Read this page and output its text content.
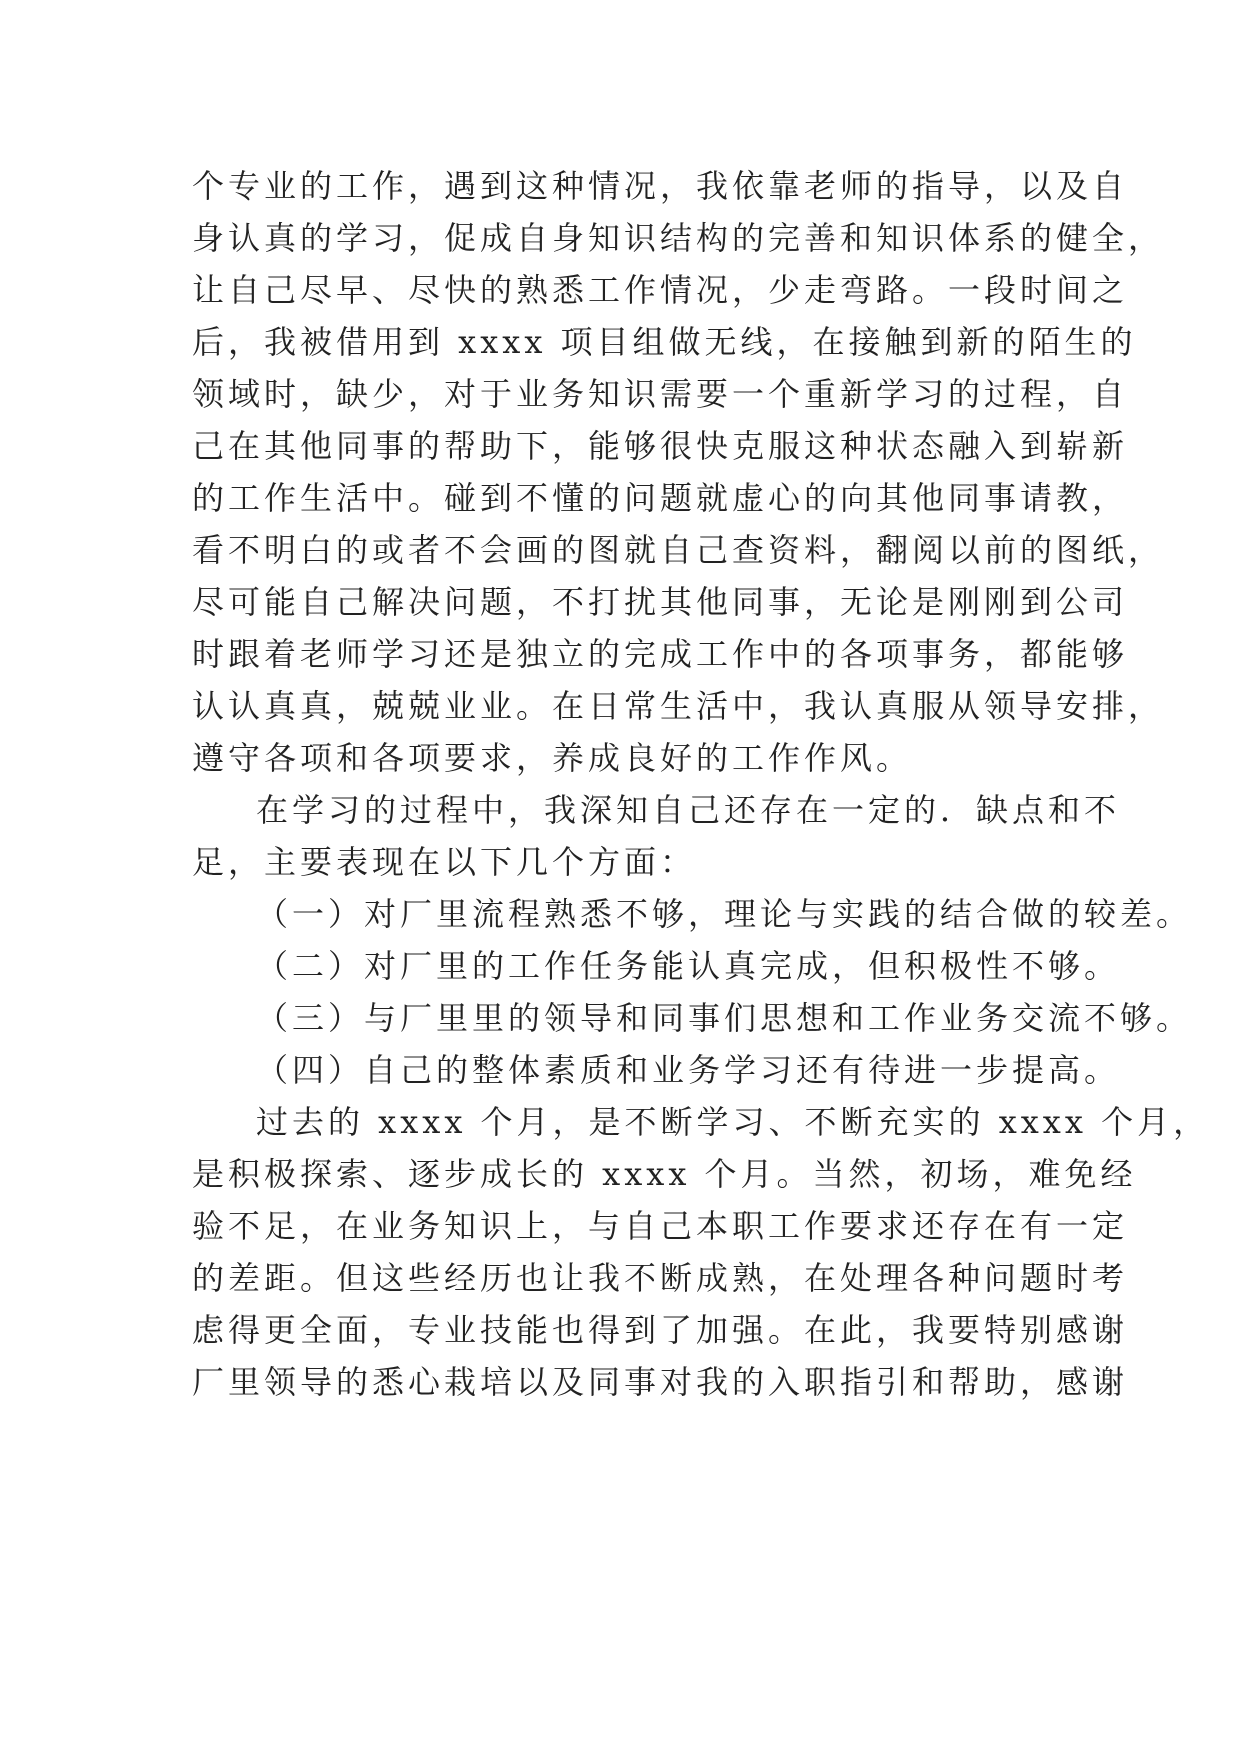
个专业的工作，遇到这种情况，我依靠老师的指导，以及自
身认真的学习，促成自身知识结构的完善和知识体系的健全，
让自己尽早、尽快的熟悉工作情况，少走弯路。一段时间之
后，我被借用到 xxxx 项目组做无线，在接触到新的陌生的
领域时，缺少，对于业务知识需要一个重新学习的过程，自
己在其他同事的帮助下，能够很快克服这种状态融入到崭新
的工作生活中。碰到不懂的问题就虚心的向其他同事请教，
看不明白的或者不会画的图就自己查资料，翻阅以前的图纸，
尽可能自己解决问题，不打扰其他同事，无论是刚刚到公司
时跟着老师学习还是独立的完成工作中的各项事务，都能够
认认真真，兢兢业业。在日常生活中，我认真服从领导安排，
遵守各项和各项要求，养成良好的工作作风。
在学习的过程中，我深知自己还存在一定的．缺点和不
足，主要表现在以下几个方面：
（一）对厂里流程熟悉不够，理论与实践的结合做的较差。
（二）对厂里的工作任务能认真完成，但积极性不够。
（三）与厂里里的领导和同事们思想和工作业务交流不够。
（四）自己的整体素质和业务学习还有待进一步提高。
过去的 xxxx 个月，是不断学习、不断充实的 xxxx 个月，
是积极探索、逐步成长的 xxxx 个月。当然，初场，难免经
验不足，在业务知识上，与自己本职工作要求还存在有一定
的差距。但这些经历也让我不断成熟，在处理各种问题时考
虑得更全面，专业技能也得到了加强。在此，我要特别感谢
厂里领导的悉心栽培以及同事对我的入职指引和帮助，感谢
